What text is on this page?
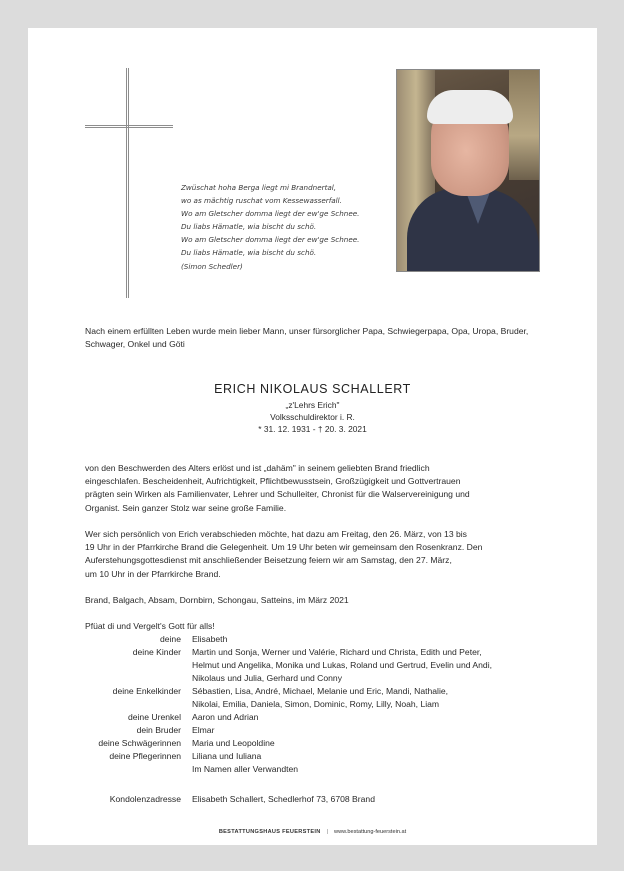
Zwüschat hoha Berga liegt mi Brandnertal,
wo as mächtig ruschat vom Kessewasserfall.
Wo am Gletscher domma liegt der ew'ge Schnee.
Du liabs Hämatle, wia bischt du schö.
Wo am Gletscher domma liegt der ew'ge Schnee.
Du liabs Hämatle, wia bischt du schö.
(Simon Schedler)
Nach einem erfüllten Leben wurde mein lieber Mann, unser fürsorglicher Papa, Schwiegerpapa, Opa, Uropa, Bruder, Schwager, Onkel und Göti
ERICH NIKOLAUS SCHALLERT
„z'Lehrs Erich"
Volksschuldirektor i. R.
* 31. 12. 1931 - † 20. 3. 2021
von den Beschwerden des Alters erlöst und ist „dahäm" in seinem geliebten Brand friedlich
eingeschlafen. Bescheidenheit, Aufrichtigkeit, Pflichtbewusstsein, Großzügigkeit und Gottvertrauen
prägten sein Wirken als Familienvater, Lehrer und Schulleiter, Chronist für die Walservereinigung und
Organist. Sein ganzer Stolz war seine große Familie.
Wer sich persönlich von Erich verabschieden möchte, hat dazu am Freitag, den 26. März, von 13 bis
19 Uhr in der Pfarrkirche Brand die Gelegenheit. Um 19 Uhr beten wir gemeinsam den Rosenkranz. Den
Auferstehungsgottesdienst mit anschließender Beisetzung feiern wir am Samstag, den 27. März,
um 10 Uhr in der Pfarrkirche Brand.
Brand, Balgach, Absam, Dornbirn, Schongau, Satteins, im März 2021
Pfüat di und Vergelt's Gott für alls!
deine Elisabeth
deine Kinder Martin und Sonja, Werner und Valérie, Richard und Christa, Edith und Peter,
Helmut und Angelika, Monika und Lukas, Roland und Gertrud, Evelin und Andi,
Nikolaus und Julia, Gerhard und Conny
deine Enkelkinder Sébastien, Lisa, André, Michael, Melanie und Eric, Mandi, Nathalie,
Nikolai, Emilia, Daniela, Simon, Dominic, Romy, Lilly, Noah, Liam
deine Urenkel Aaron und Adrian
dein Bruder Elmar
deine Schwägerinnen Maria und Leopoldine
deine Pflegerinnen Liliana und Iuliana
Im Namen aller Verwandten
Kondolenzadresse Elisabeth Schallert, Schedlerhof 73, 6708 Brand
BESTATTUNGSHAUS FEUERSTEIN | www.bestattung-feuerstein.at
